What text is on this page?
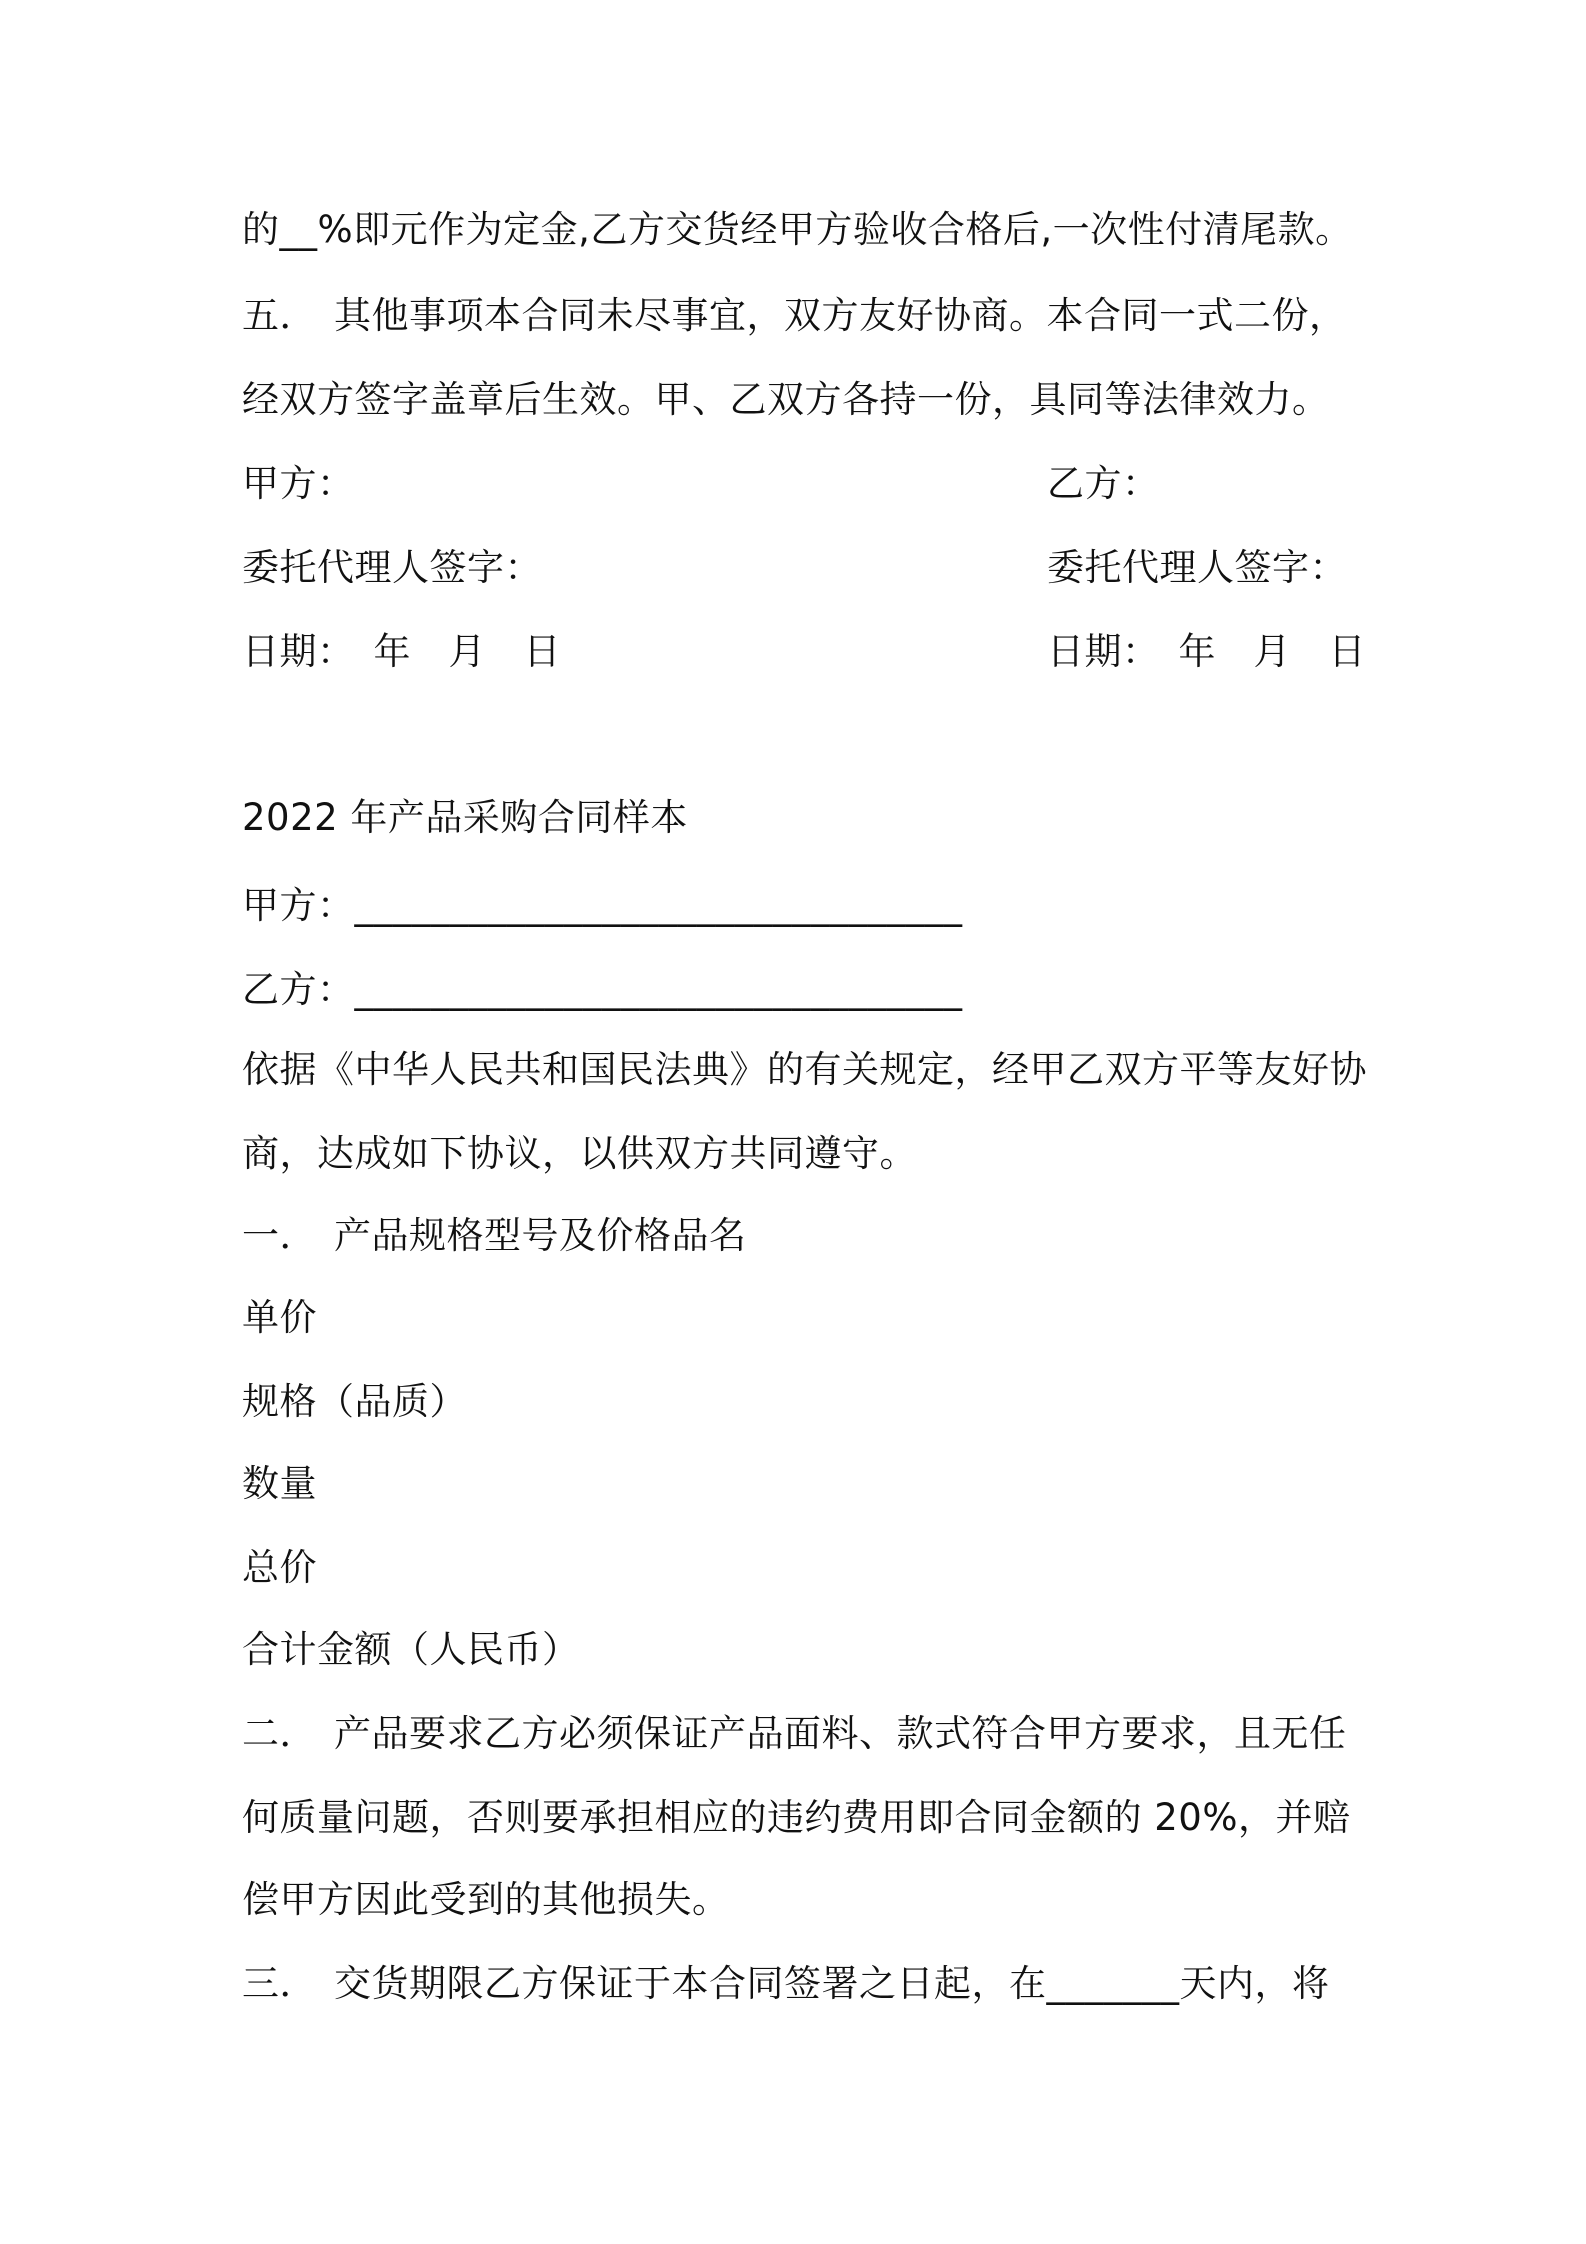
的__%即元作为定金,乙方交货经甲方验收合格后,一次性付清尾款。
五． 其他事项本合同未尽事宜，双方友好协商。本合同一式二份，
经双方签字盖章后生效。甲、乙双方各持一份，具同等法律效力。
甲方：	乙方：
委托代理人签字：	委托代理人签字：
日期：　年　月　日	日期：　年　月　日
2022 年产品采购合同样本
甲方：________________________________
乙方：________________________________
依据《中华人民共和国民法典》的有关规定，经甲乙双方平等友好协
商，达成如下协议，以供双方共同遵守。
一． 产品规格型号及价格品名
单价
规格（品质）
数量
总价
合计金额（人民币）
二． 产品要求乙方必须保证产品面料、款式符合甲方要求，且无任
何质量问题，否则要承担相应的违约费用即合同金额的 20%，并赔
偿甲方因此受到的其他损失。
三． 交货期限乙方保证于本合同签署之日起，在_______天内，将
